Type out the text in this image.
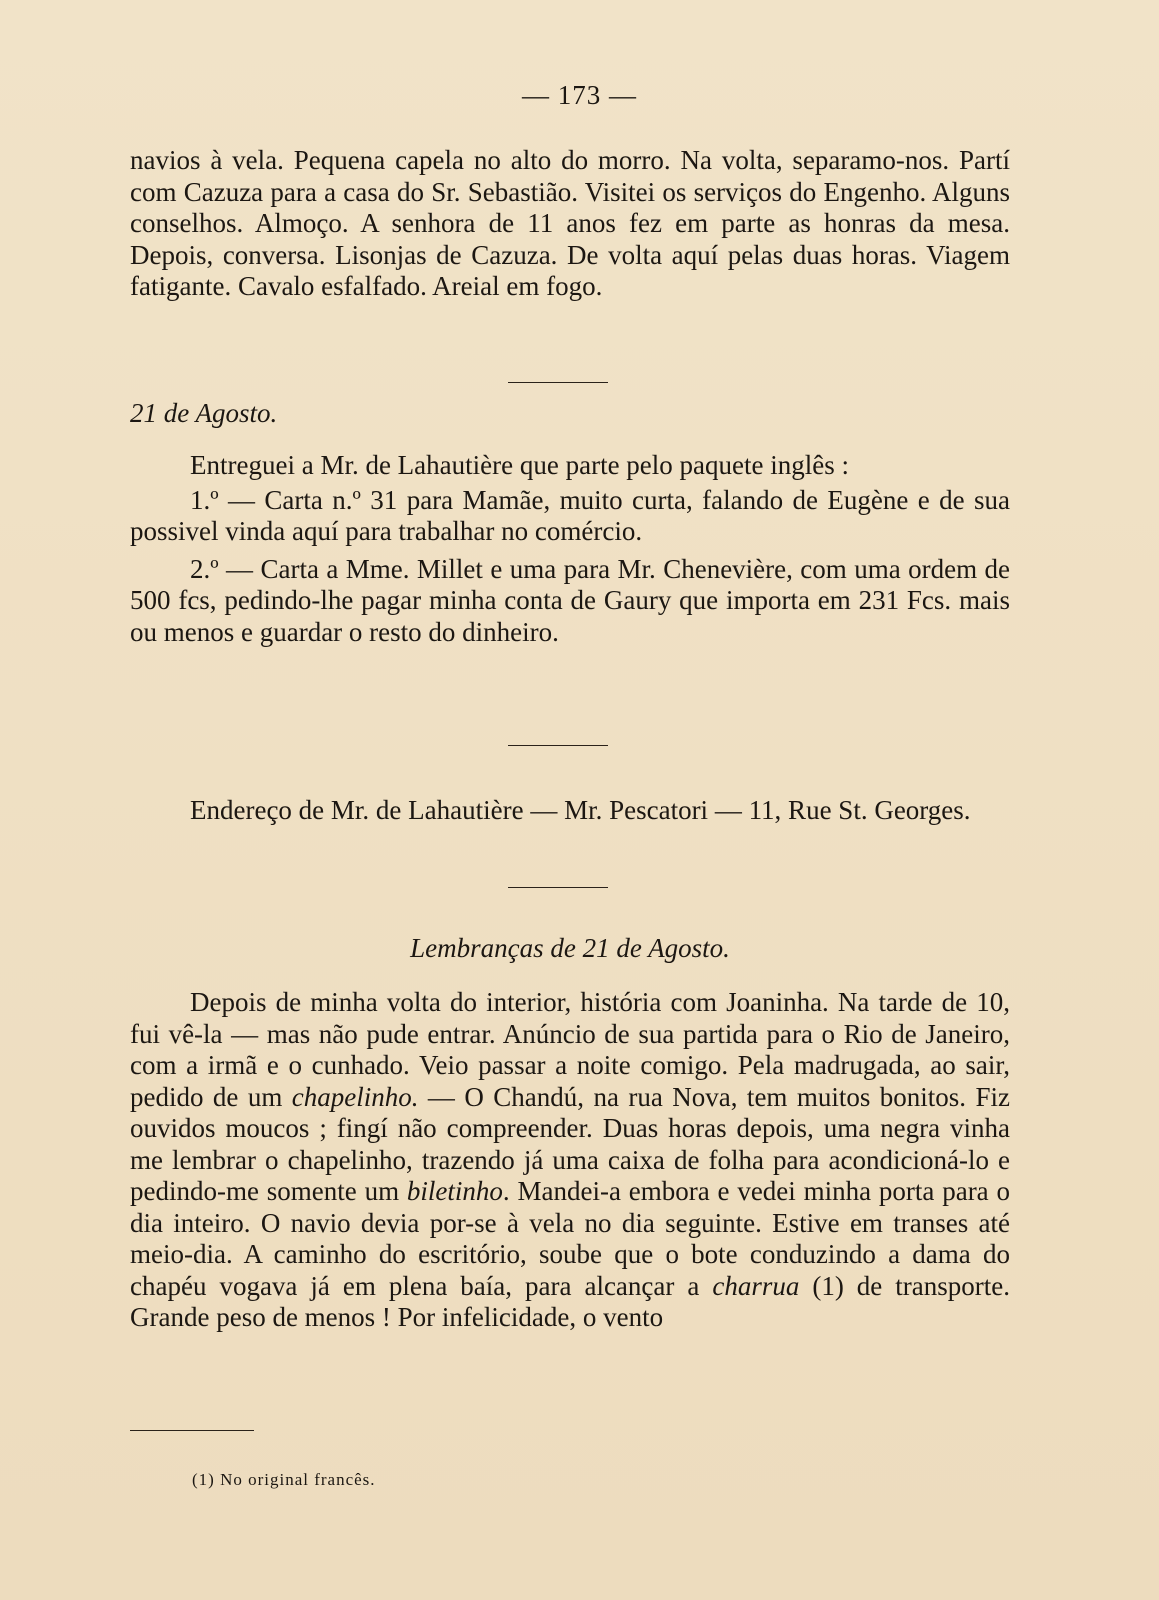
— 173 —

navios à vela. Pequena capela no alto do morro. Na volta, separamo-nos. Partí com Cazuza para a casa do Sr. Sebastião. Visitei os serviços do Engenho. Alguns conselhos. Almoço. A senhora de 11 anos fez em parte as honras da mesa. Depois, conversa. Lisonjas de Cazuza. De volta aquí pelas duas horas. Viagem fatigante. Cavalo esfalfado. Areial em fogo.

21 de Agosto.

Entreguei a Mr. de Lahautière que parte pelo paquete inglês :

1.º — Carta n.º 31 para Mamãe, muito curta, falando de Eugène e de sua possivel vinda aquí para trabalhar no comércio.

2.º — Carta a Mme. Millet e uma para Mr. Chenevière, com uma ordem de 500 fcs, pedindo-lhe pagar minha conta de Gaury que importa em 231 Fcs. mais ou menos e guardar o resto do dinheiro.

Endereço de Mr. de Lahautière — Mr. Pescatori — 11, Rue St. Georges.

Lembranças de 21 de Agosto.

Depois de minha volta do interior, história com Joaninha. Na tarde de 10, fui vê-la — mas não pude entrar. Anúncio de sua partida para o Rio de Janeiro, com a irmã e o cunhado. Veio passar a noite comigo. Pela madrugada, ao sair, pedido de um chapelinho. — O Chandú, na rua Nova, tem muitos bonitos. Fiz ouvidos moucos ; fingí não compreender. Duas horas depois, uma negra vinha me lembrar o chapelinho, trazendo já uma caixa de folha para acondicioná-lo e pedindo-me somente um biletinho. Mandei-a embora e vedei minha porta para o dia inteiro. O navio devia por-se à vela no dia seguinte. Estive em transes até meio-dia. A caminho do escritório, soube que o bote conduzindo a dama do chapéu vogava já em plena baía, para alcançar a charrua (1) de transporte. Grande peso de menos ! Por infelicidade, o vento

(1) No original francês.
